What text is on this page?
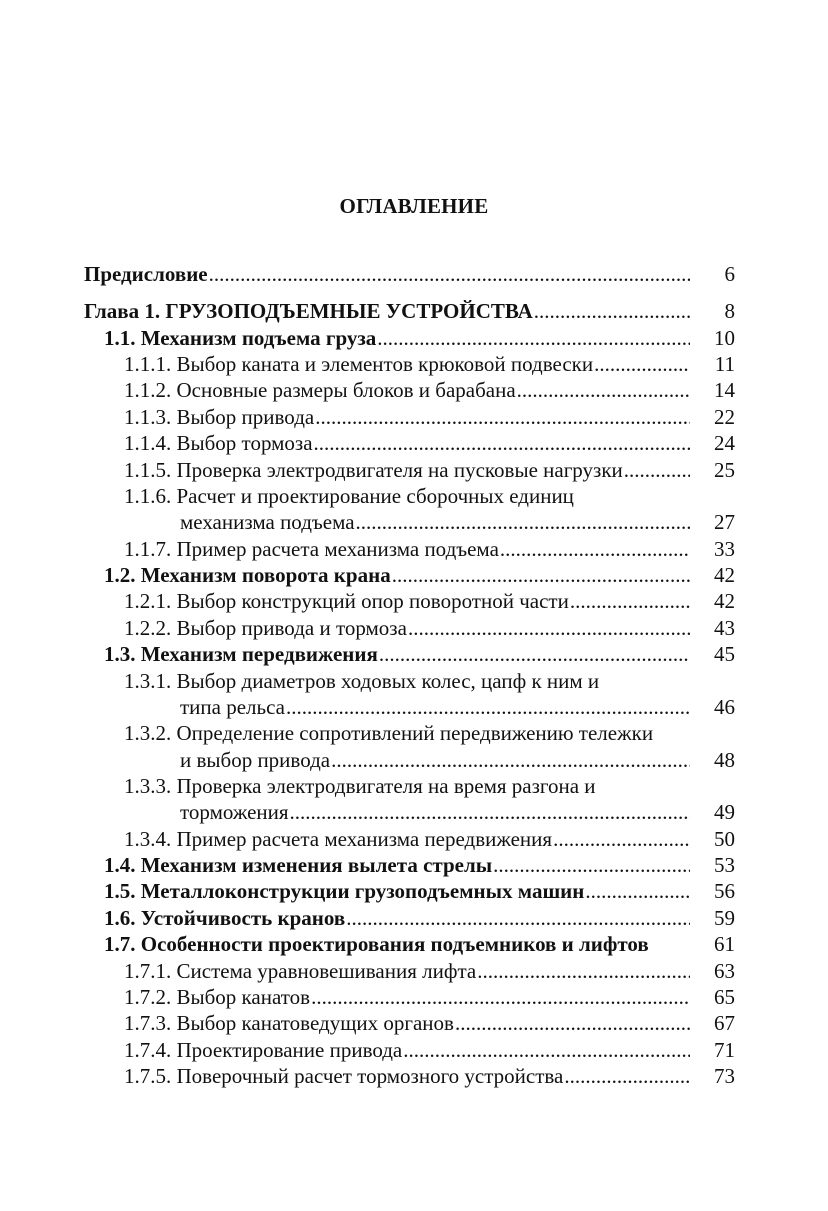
ОГЛАВЛЕНИЕ
Предисловие .....	6
Глава 1. ГРУЗОПОДЪЕМНЫЕ УСТРОЙСТВА .....	8
1.1. Механизм подъема груза .....	10
1.1.1. Выбор каната и элементов крюковой подвески .....	11
1.1.2. Основные размеры блоков и барабана .....	14
1.1.3. Выбор привода .....	22
1.1.4. Выбор тормоза .....	24
1.1.5. Проверка электродвигателя на пусковые нагрузки .....	25
1.1.6. Расчет и проектирование сборочных единиц
механизма подъема .....	27
1.1.7. Пример расчета механизма подъема .....	33
1.2. Механизм поворота крана .....	42
1.2.1. Выбор конструкций опор поворотной части .....	42
1.2.2. Выбор привода и тормоза .....	43
1.3. Механизм передвижения .....	45
1.3.1. Выбор диаметров ходовых колес, цапф к ним и
типа рельса .....	46
1.3.2. Определение сопротивлений передвижению тележки
и выбор привода .....	48
1.3.3. Проверка электродвигателя на время разгона и
торможения .....	49
1.3.4. Пример расчета механизма передвижения .....	50
1.4. Механизм изменения вылета стрелы .....	53
1.5. Металлоконструкции грузоподъемных машин .....	56
1.6. Устойчивость кранов .....	59
1.7. Особенности проектирования подъемников и лифтов	61
1.7.1. Система уравновешивания лифта .....	63
1.7.2. Выбор канатов .....	65
1.7.3. Выбор канатоведущих органов .....	67
1.7.4. Проектирование привода .....	71
1.7.5. Поверочный расчет тормозного устройства .....	73
